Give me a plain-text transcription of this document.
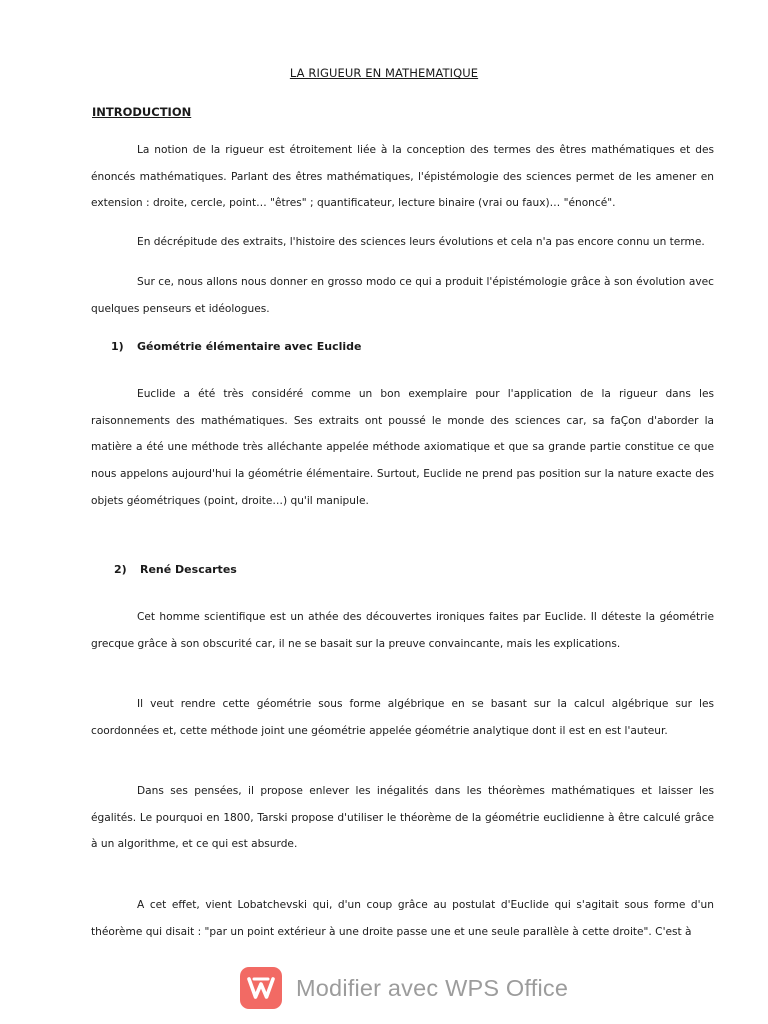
LA RIGUEUR EN MATHEMATIQUE
INTRODUCTION

La notion de la rigueur est étroitement liée à la conception des termes des êtres mathématiques et des énoncés mathématiques. Parlant des êtres mathématiques, l'épistémologie des sciences permet de les amener en extension : droite, cercle, point… "êtres" ; quantificateur, lecture binaire (vrai ou faux)… "énoncé".

En décrépitude des extraits, l'histoire des sciences leurs évolutions et cela n'a pas encore connu un terme.

Sur ce, nous allons nous donner en grosso modo ce qui a produit l'épistémologie grâce à son évolution avec quelques penseurs et idéologues.

1) Géométrie élémentaire avec Euclide

Euclide a été très considéré comme un bon exemplaire pour l'application de la rigueur dans les raisonnements des mathématiques. Ses extraits ont poussé le monde des sciences car, sa faÇon d'aborder la matière a été une méthode très alléchante appelée méthode axiomatique et que sa grande partie constitue ce que nous appelons aujourd'hui la géométrie élémentaire. Surtout, Euclide ne prend pas position sur la nature exacte des objets géométriques (point, droite…) qu'il manipule.

2) René Descartes

Cet homme scientifique est un athée des découvertes ironiques faites par Euclide. Il déteste la géométrie grecque grâce à son obscurité car, il ne se basait sur la preuve convaincante, mais les explications.

Il veut rendre cette géométrie sous forme algébrique en se basant sur la calcul algébrique sur les coordonnées et, cette méthode joint une géométrie appelée géométrie analytique dont il est en est l'auteur.

Dans ses pensées, il propose enlever les inégalités dans les théorèmes mathématiques et laisser les égalités. Le pourquoi en 1800, Tarski propose d'utiliser le théorème de la géométrie euclidienne à être calculé grâce à un algorithme, et ce qui est absurde.

A cet effet, vient Lobatchevski qui, d'un coup grâce au postulat d'Euclide qui s'agitait sous forme d'un théorème qui disait : "par un point extérieur à une droite passe une et une seule parallèle à cette droite". C'est à

Modifier avec WPS Office
